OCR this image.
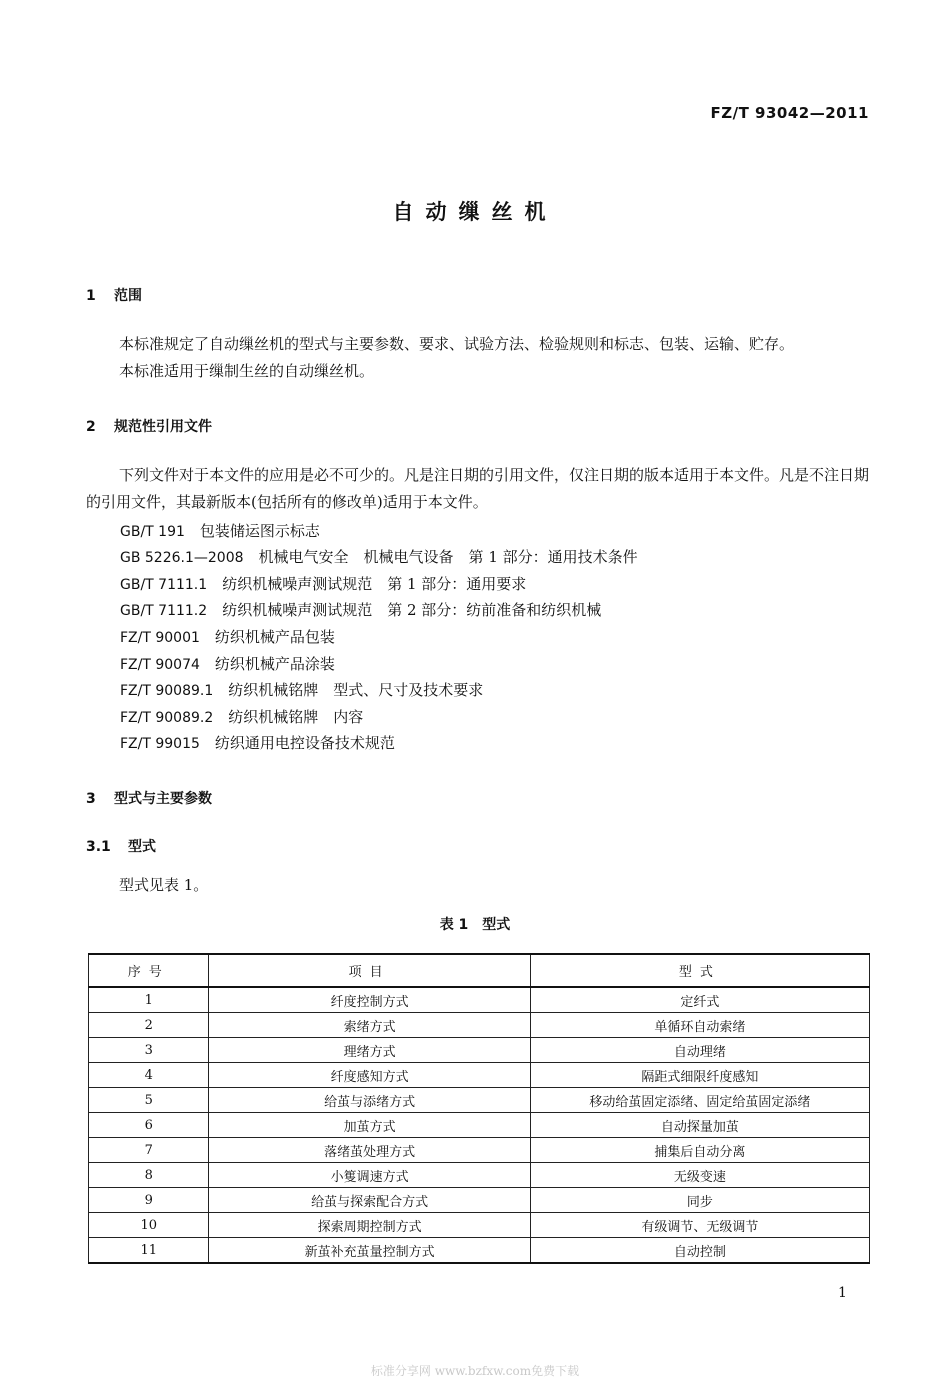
FZ/T 93042—2011
自动缫丝机
1 范围
本标准规定了自动缫丝机的型式与主要参数、要求、试验方法、检验规则和标志、包装、运输、贮存。
本标准适用于缫制生丝的自动缫丝机。
2 规范性引用文件
下列文件对于本文件的应用是必不可少的。凡是注日期的引用文件，仅注日期的版本适用于本文件。凡是不注日期的引用文件，其最新版本(包括所有的修改单)适用于本文件。
GB/T 191　 包装储运图示标志
GB 5226.1—2008　 机械电气安全　机械电气设备　第 1 部分：通用技术条件
GB/T 7111.1　 纺织机械噪声测试规范　第 1 部分：通用要求
GB/T 7111.2　 纺织机械噪声测试规范　第 2 部分：纺前准备和纺织机械
FZ/T 90001　 纺织机械产品包装
FZ/T 90074　 纺织机械产品涂装
FZ/T 90089.1　 纺织机械铭牌　型式、尺寸及技术要求
FZ/T 90089.2　 纺织机械铭牌　内容
FZ/T 99015　 纺织通用电控设备技术规范
3 型式与主要参数
3.1 型式
型式见表 1。
表 1　型式
序号	项目	型式
1	纤度控制方式	定纤式
2	索绪方式	单循环自动索绪
3	理绪方式	自动理绪
4	纤度感知方式	隔距式细限纤度感知
5	给茧与添绪方式	移动给茧固定添绪、固定给茧固定添绪
6	加茧方式	自动探量加茧
7	落绪茧处理方式	捕集后自动分离
8	小篗调速方式	无级变速
9	给茧与探索配合方式	同步
10	探索周期控制方式	有级调节、无级调节
11	新茧补充茧量控制方式	自动控制
1
标准分享网 www.bzfxw.com免费下载
